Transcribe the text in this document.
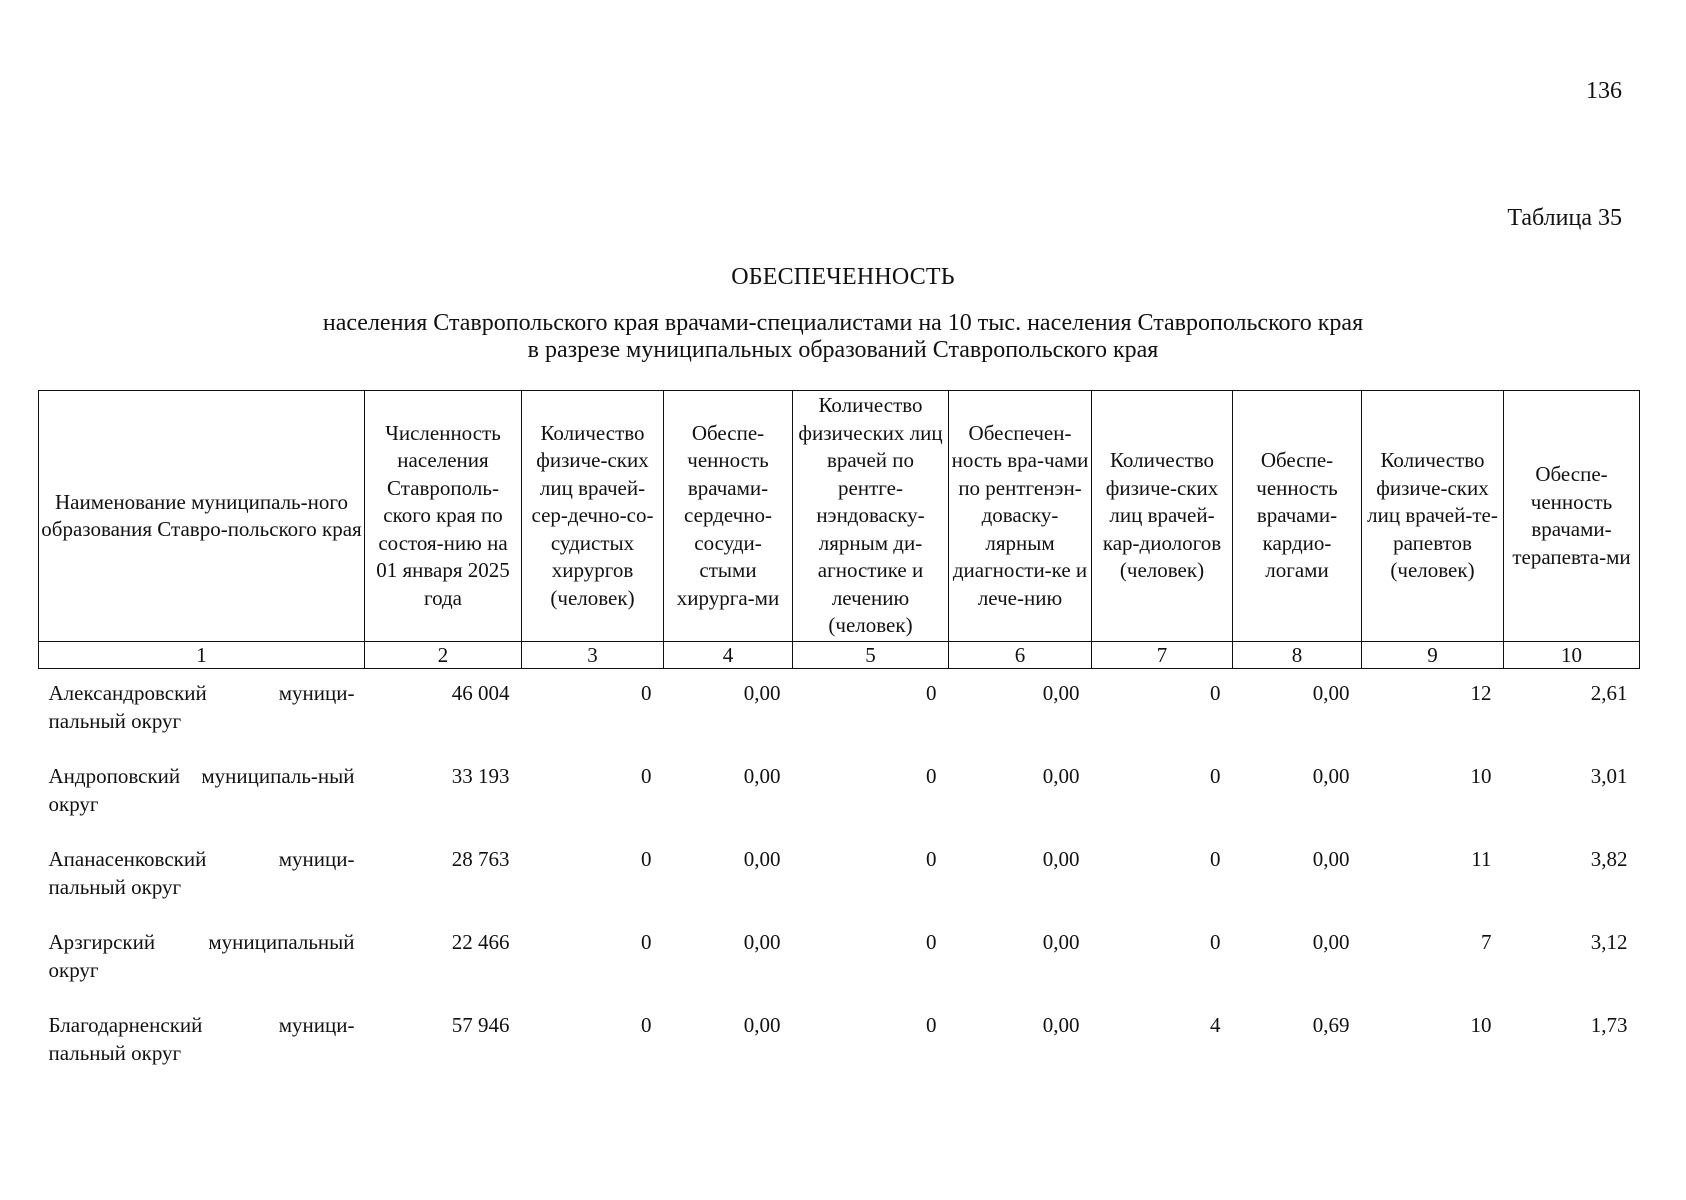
136
Таблица 35
ОБЕСПЕЧЕННОСТЬ
населения Ставропольского края врачами-специалистами на 10 тыс. населения Ставропольского края
в разрезе муниципальных образований Ставропольского края
Наименование муниципаль-ного образования Ставро-польского края	Численность населения Ставрополь-ского края по состоя-нию на 01 января 2025 года	Количество физиче-ских лиц врачей-сер-дечно-со-судистых хирургов (человек)	Обеспе-ченность врачами-сердечно-сосуди-стыми хирурга-ми	Количество физических лиц врачей по рентге-нэндоваску-лярным ди-агностике и лечению (человек)	Обеспечен-ность вра-чами по рентгенэн-доваску-лярным диагности-ке и лече-нию	Количество физиче-ских лиц врачей-кар-диологов (человек)	Обеспе-ченность врачами-кардио-логами	Количество физиче-ских лиц врачей-те-рапевтов (человек)	Обеспе-ченность врачами-терапевта-ми
1	2	3	4	5	6	7	8	9	10
Александровский муници-пальный округ	46 004	0	0,00	0	0,00	0	0,00	12	2,61
Андроповский муниципаль-ный округ	33 193	0	0,00	0	0,00	0	0,00	10	3,01
Апанасенковский муници-пальный округ	28 763	0	0,00	0	0,00	0	0,00	11	3,82
Арзгирский муниципальный округ	22 466	0	0,00	0	0,00	0	0,00	7	3,12
Благодарненский муници-пальный округ	57 946	0	0,00	0	0,00	4	0,69	10	1,73
